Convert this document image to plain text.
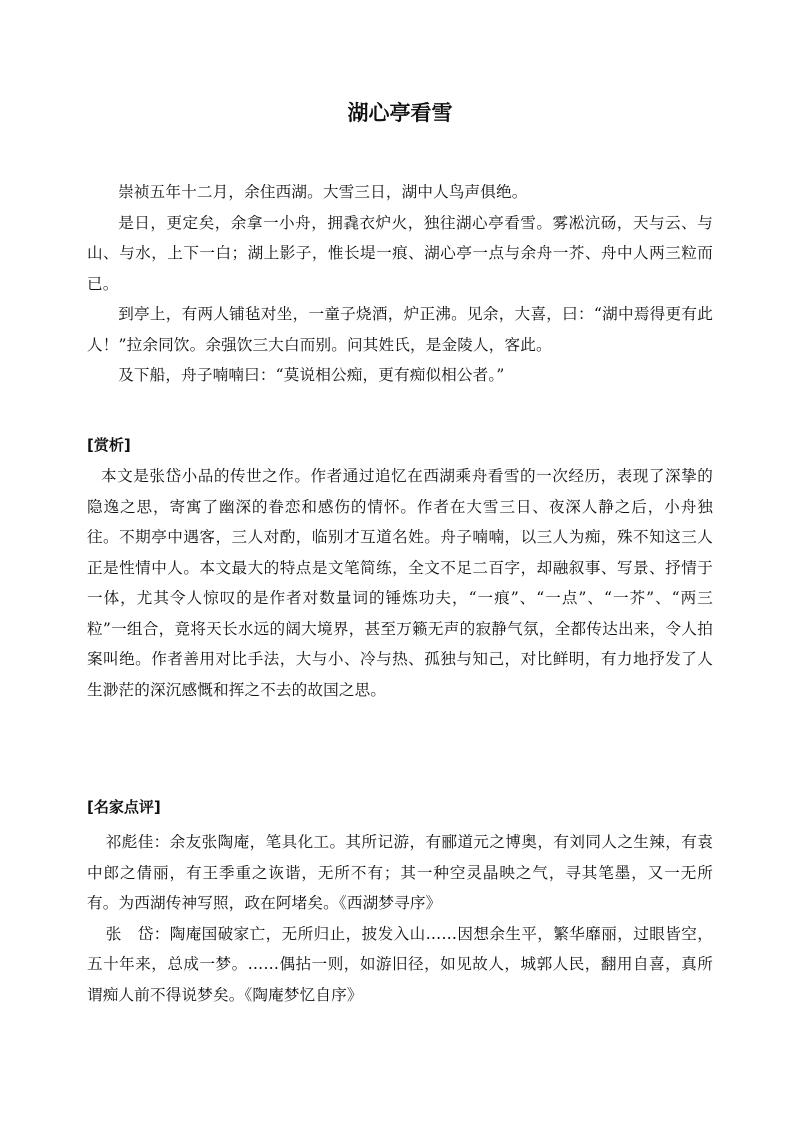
湖心亭看雪

崇祯五年十二月，余住西湖。大雪三日，湖中人鸟声俱绝。

是日，更定矣，余拿一小舟，拥毳衣炉火，独往湖心亭看雪。雾凇沆砀，天与云、与山、与水，上下一白；湖上影子，惟长堤一痕、湖心亭一点与余舟一芥、舟中人两三粒而已。

到亭上，有两人铺毡对坐，一童子烧酒，炉正沸。见余，大喜，曰：“湖中焉得更有此人！”拉余同饮。余强饮三大白而别。问其姓氏，是金陵人，客此。

及下船，舟子喃喃曰：“莫说相公痴，更有痴似相公者。”

[赏析]

本文是张岱小品的传世之作。作者通过追忆在西湖乘舟看雪的一次经历，表现了深挚的隐逸之思，寄寓了幽深的眷恋和感伤的情怀。作者在大雪三日、夜深人静之后，小舟独往。不期亭中遇客，三人对酌，临别才互道名姓。舟子喃喃，以三人为痴，殊不知这三人正是性情中人。本文最大的特点是文笔简练，全文不足二百字，却融叙事、写景、抒情于一体，尤其令人惊叹的是作者对数量词的锤炼功夫，“一痕”、“一点”、“一芥”、“两三粒”一组合，竟将天长水远的阔大境界，甚至万籁无声的寂静气氛，全都传达出来，令人拍案叫绝。作者善用对比手法，大与小、冷与热、孤独与知己，对比鲜明，有力地抒发了人生渺茫的深沉感慨和挥之不去的故国之思。

[名家点评]

祁彪佳：余友张陶庵，笔具化工。其所记游，有郦道元之博奥，有刘同人之生辣，有袁中郎之倩丽，有王季重之诙谐，无所不有；其一种空灵晶映之气，寻其笔墨，又一无所有。为西湖传神写照，政在阿堵矣。《西湖梦寻序》

张　岱：陶庵国破家亡，无所归止，披发入山……因想余生平，繁华靡丽，过眼皆空，五十年来，总成一梦。……偶拈一则，如游旧径，如见故人，城郭人民，翻用自喜，真所谓痴人前不得说梦矣。《陶庵梦忆自序》
